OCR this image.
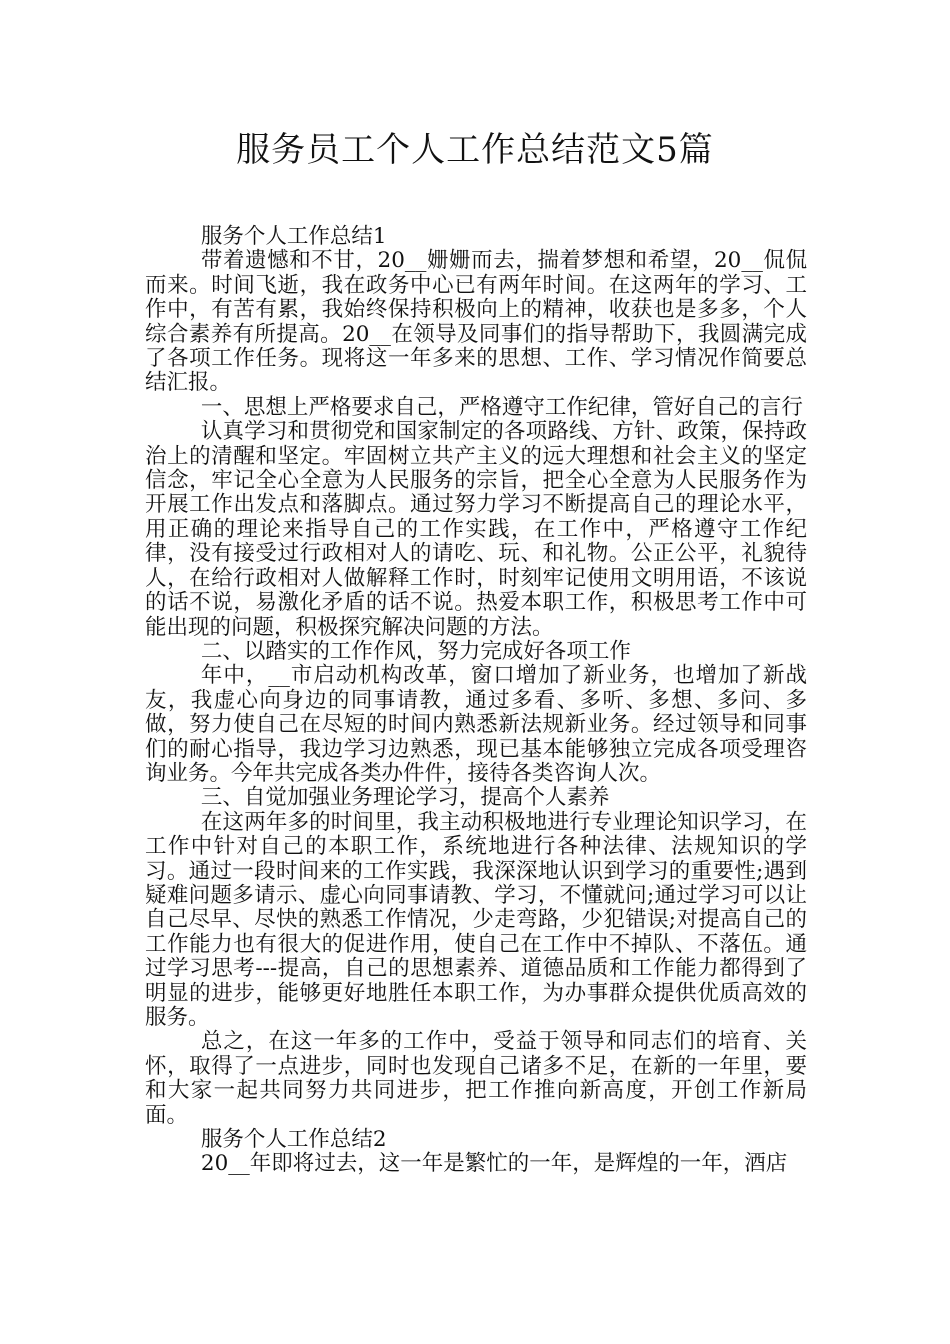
服务员工个人工作总结范文5篇

服务个人工作总结1

带着遗憾和不甘，20__姗姗而去，揣着梦想和希望，20__侃侃而来。时间飞逝，我在政务中心已有两年时间。在这两年的学习、工作中，有苦有累，我始终保持积极向上的精神，收获也是多多，个人综合素养有所提高。20__在领导及同事们的指导帮助下，我圆满完成了各项工作任务。现将这一年多来的思想、工作、学习情况作简要总结汇报。

一、思想上严格要求自己，严格遵守工作纪律，管好自己的言行

认真学习和贯彻党和国家制定的各项路线、方针、政策，保持政治上的清醒和坚定。牢固树立共产主义的远大理想和社会主义的坚定信念，牢记全心全意为人民服务的宗旨，把全心全意为人民服务作为开展工作出发点和落脚点。通过努力学习不断提高自己的理论水平，用正确的理论来指导自己的工作实践，在工作中，严格遵守工作纪律，没有接受过行政相对人的请吃、玩、和礼物。公正公平，礼貌待人，在给行政相对人做解释工作时，时刻牢记使用文明用语，不该说的话不说，易激化矛盾的话不说。热爱本职工作，积极思考工作中可能出现的问题，积极探究解决问题的方法。

二、以踏实的工作作风，努力完成好各项工作

年中，__市启动机构改革，窗口增加了新业务，也增加了新战友，我虚心向身边的同事请教，通过多看、多听、多想、多问、多做，努力使自己在尽短的时间内熟悉新法规新业务。经过领导和同事们的耐心指导，我边学习边熟悉，现已基本能够独立完成各项受理咨询业务。今年共完成各类办件件，接待各类咨询人次。

三、自觉加强业务理论学习，提高个人素养

在这两年多的时间里，我主动积极地进行专业理论知识学习，在工作中针对自己的本职工作，系统地进行各种法律、法规知识的学习。通过一段时间来的工作实践，我深深地认识到学习的重要性;遇到疑难问题多请示、虚心向同事请教、学习，不懂就问;通过学习可以让自己尽早、尽快的熟悉工作情况，少走弯路，少犯错误;对提高自己的工作能力也有很大的促进作用，使自己在工作中不掉队、不落伍。通过学习思考---提高，自己的思想素养、道德品质和工作能力都得到了明显的进步，能够更好地胜任本职工作，为办事群众提供优质高效的服务。

总之，在这一年多的工作中，受益于领导和同志们的培育、关怀，取得了一点进步，同时也发现自己诸多不足，在新的一年里，要和大家一起共同努力共同进步，把工作推向新高度，开创工作新局面。

服务个人工作总结2

20__年即将过去，这一年是繁忙的一年，是辉煌的一年，酒店
